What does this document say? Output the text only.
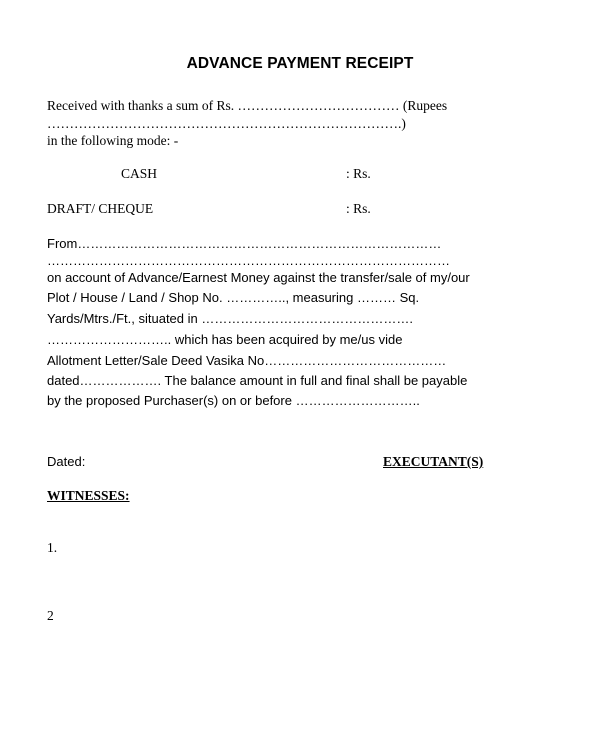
ADVANCE PAYMENT RECEIPT
Received with thanks a sum of Rs. ……………………………… (Rupees
…………………………………………………………………….)
in the following mode: -
CASH	: Rs.
DRAFT/ CHEQUE	: Rs.
From…………………………………………………………………………
…………………………………………………………………………………
on account of Advance/Earnest Money against the transfer/sale of my/our
Plot / House / Land / Shop No. ………….., measuring ……… Sq.
Yards/Mtrs./Ft., situated in ………………………………………….
……………………….. which has been acquired by me/us vide
Allotment Letter/Sale Deed Vasika No……………………………………
dated………………. The balance amount in full and final shall be payable
by the proposed Purchaser(s) on or before ………………………..
Dated:	EXECUTANT(S)
WITNESSES:
1.
2
